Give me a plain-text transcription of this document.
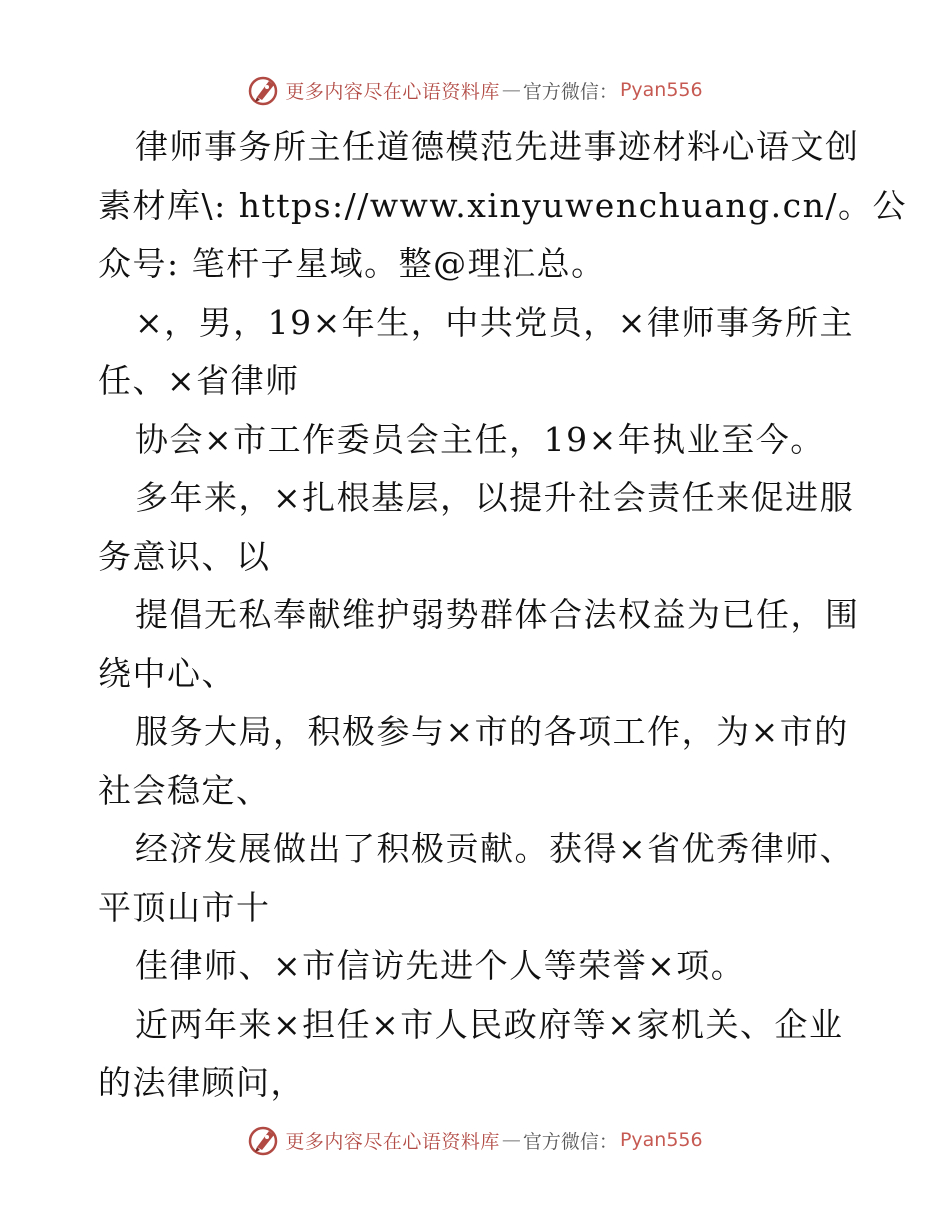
更多内容尽在心语资料库 — 官方微信： Pyan556
律师事务所主任道德模范先进事迹材料心语文创
素材库\: https://www.xinyuwenchuang.cn/。公
众号: 笔杆子星域。整@理汇总。
×，男，19×年生，中共党员，×律师事务所主
任、×省律师
协会×市工作委员会主任，19×年执业至今。
多年来，×扎根基层，以提升社会责任来促进服
务意识、以
提倡无私奉献维护弱势群体合法权益为已任，围
绕中心、
服务大局，积极参与×市的各项工作，为×市的
社会稳定、
经济发展做出了积极贡献。获得×省优秀律师、
平顶山市十
佳律师、×市信访先进个人等荣誉×项。
近两年来×担任×市人民政府等×家机关、企业
的法律顾问，
更多内容尽在心语资料库 — 官方微信： Pyan556
